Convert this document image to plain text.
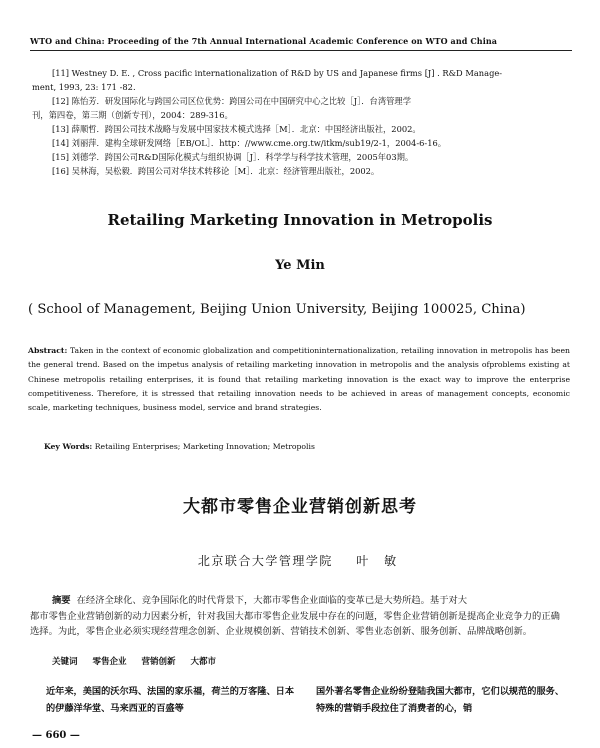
WTO and China: Proceeding of the 7th Annual International Academic Conference on WTO and China

[11] Westney D. E. , Cross pacific internationalization of R&D by US and Japanese firms [J] . R&D Manage-
ment, 1993, 23: 171 -82.

[12] 陈怡芳．研发国际化与跨国公司区位优势：跨国公司在中国研究中心之比较［J］．台湾管理学
刊，第四卷，第三期（创新专刊），2004：289-316。

[13] 薛顺哲．跨国公司技术战略与发展中国家技术模式选择［M］．北京：中国经济出版社，2002。

[14] 刘丽萍．建构全球研发网络［EB/OL］．http：//www.cme.org.tw/itkm/sub19/2-1，2004-6-16。

[15] 刘德学．跨国公司R&D国际化模式与组织协调［J］．科学学与科学技术管理，2005年03期。

[16] 吴林海，吴松毅．跨国公司对华技术转移论［M］．北京：经济管理出版社，2002。

Retailing Marketing Innovation in Metropolis
Ye Min
( School of Management, Beijing Union University, Beijing 100025, China)
Abstract: Taken in the context of economic globalization and competitioninternationalization, retailing innovation in metropolis has been the general trend. Based on the impetus analysis of retailing marketing innovation in metropolis and the analysis ofproblems existing at Chinese metropolis retailing enterprises, it is found that retailing marketing innovation is the exact way to improve the enterprise competitiveness. Therefore, it is stressed that retailing innovation needs to be achieved in areas of management concepts, economic scale, marketing techniques, business model, service and brand strategies.
Key Words: Retailing Enterprises; Marketing Innovation; Metropolis
大都市零售企业营销创新思考
北京联合大学管理学院 叶 敏
摘要 在经济全球化、竞争国际化的时代背景下，大都市零售企业面临的变革已是大势所趋。基于对大
都市零售企业营销创新的动力因素分析，针对我国大都市零售企业发展中存在的问题，零售企业营销创新是提高企业竞争力的正确选择。为此，零售企业必须实现经营理念创新、企业规模创新、营销技术创新、零售业态创新、服务创新、品牌战略创新。
关键词 零售企业 营销创新 大都市
近年来，美国的沃尔玛、法国的家乐福，荷兰的万客隆、日本的伊藤洋华堂、马来西亚的百盛等
国外著名零售企业纷纷登陆我国大都市，它们以规范的服务、特殊的营销手段拉住了消费者的心，销
— 660 —
